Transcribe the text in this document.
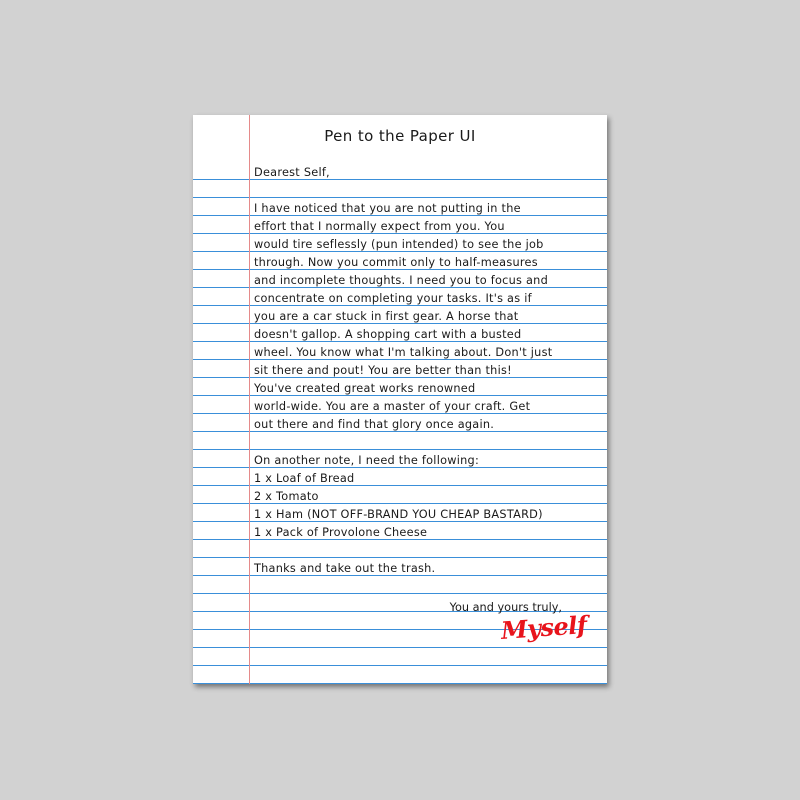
Pen to the Paper UI
Dearest Self,
I have noticed that you are not putting in the
effort that I normally expect from you. You
would tire seflessly (pun intended) to see the job
through. Now you commit only to half-measures
and incomplete thoughts. I need you to focus and
concentrate on completing your tasks. It's as if
you are a car stuck in first gear. A horse that
doesn't gallop. A shopping cart with a busted
wheel. You know what I'm talking about. Don't just
sit there and pout! You are better than this!
You've created great works renowned
world-wide. You are a master of your craft. Get
out there and find that glory once again.
On another note, I need the following:
1 x Loaf of Bread
2 x Tomato
1 x Ham (NOT OFF-BRAND YOU CHEAP BASTARD)
1 x Pack of Provolone Cheese
Thanks and take out the trash.
You and yours truly,
Myself
